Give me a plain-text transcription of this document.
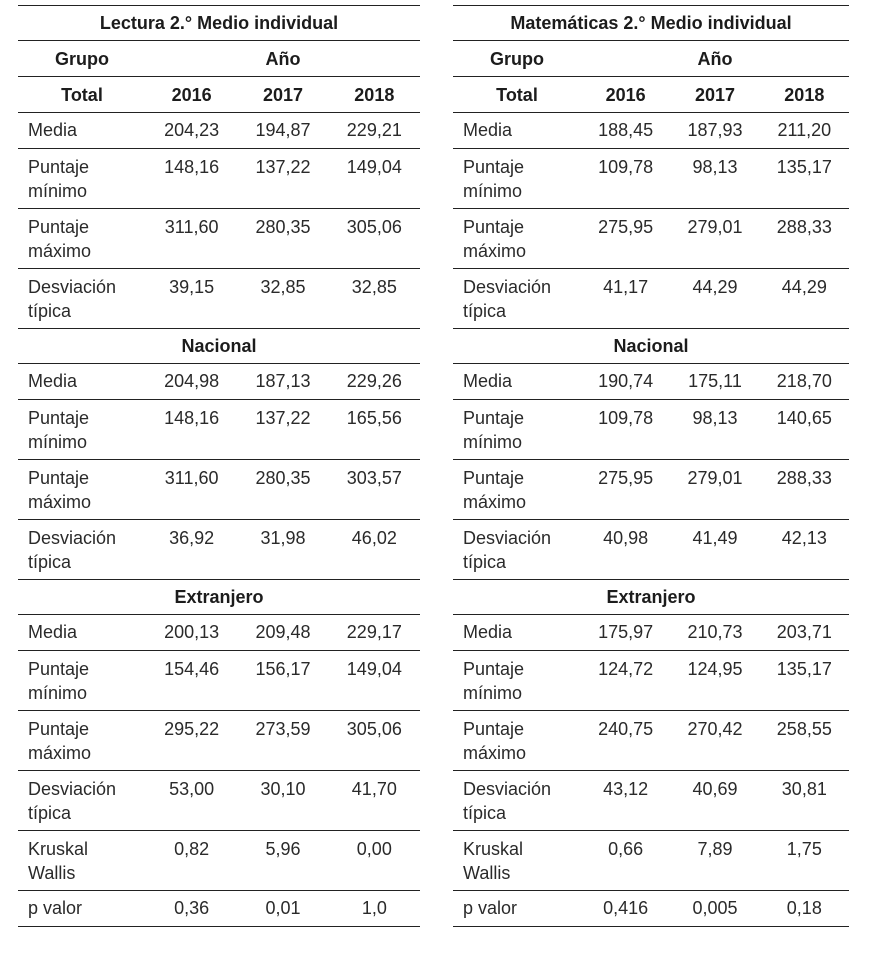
Lectura 2.° Medio individual			
Grupo	Año		
Total	2016	2017	2018

Media	204,23	194,87	229,21

Puntaje
mínimo	148,16	137,22	149,04

Puntaje
máximo	311,60	280,35	305,06

Desviación
típica	39,15	32,85	32,85
Nacional			

Media	204,98	187,13	229,26

Puntaje
mínimo	148,16	137,22	165,56

Puntaje
máximo	311,60	280,35	303,57

Desviación
típica	36,92	31,98	46,02
Extranjero			

Media	200,13	209,48	229,17

Puntaje
mínimo	154,46	156,17	149,04

Puntaje
máximo	295,22	273,59	305,06

Desviación
típica	53,00	30,10	41,70

Kruskal
Wallis	0,82	5,96	0,00

p valor	0,36	0,01	1,0
Matemáticas 2.° Medio individual			
Grupo	Año		
Total	2016	2017	2018

Media	188,45	187,93	211,20

Puntaje
mínimo	109,78	98,13	135,17

Puntaje
máximo	275,95	279,01	288,33

Desviación
típica	41,17	44,29	44,29
Nacional			

Media	190,74	175,11	218,70

Puntaje
mínimo	109,78	98,13	140,65

Puntaje
máximo	275,95	279,01	288,33

Desviación
típica	40,98	41,49	42,13
Extranjero			

Media	175,97	210,73	203,71

Puntaje
mínimo	124,72	124,95	135,17

Puntaje
máximo	240,75	270,42	258,55

Desviación
típica	43,12	40,69	30,81

Kruskal
Wallis	0,66	7,89	1,75

p valor	0,416	0,005	0,18
